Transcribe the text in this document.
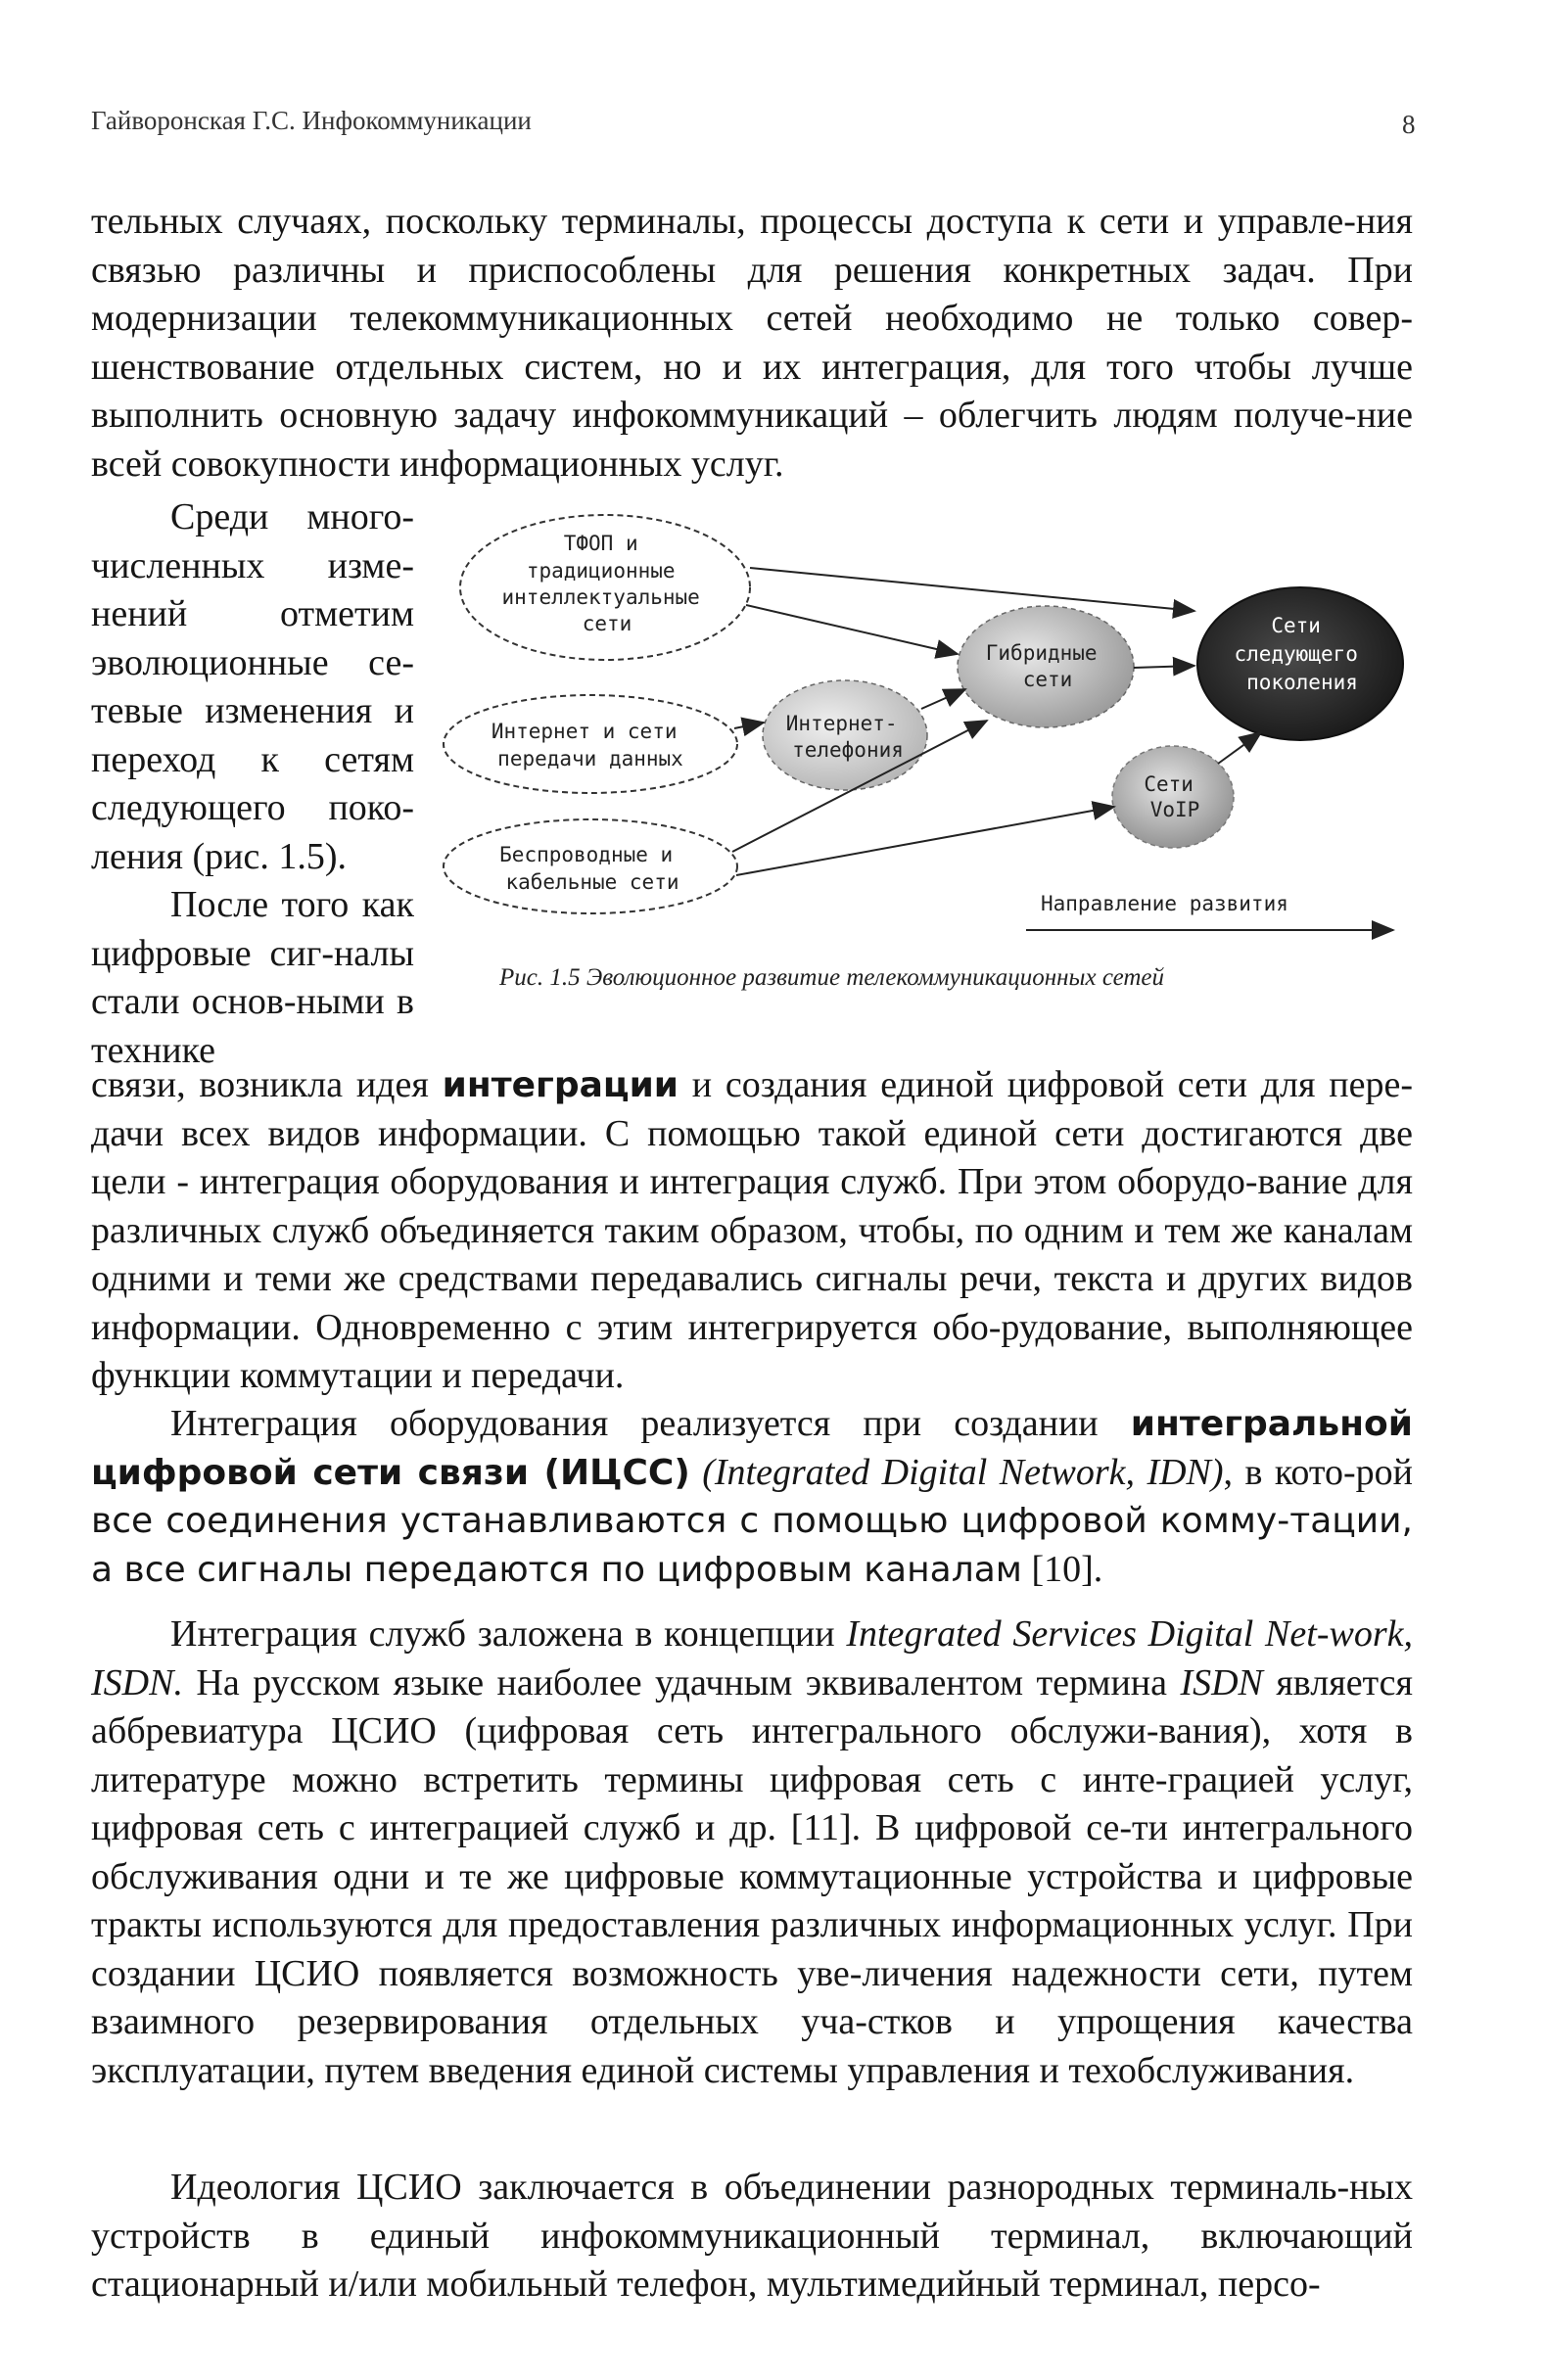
Гайворонская Г.С. Инфокоммуникации	8

тельных случаях, поскольку терминалы, процессы доступа к сети и управле-ния связью различны и приспособлены для решения конкретных задач. При модернизации телекоммуникационных сетей необходимо не только совер-шенствование отдельных систем, но и их интеграция, для того чтобы лучше выполнить основную задачу инфокоммуникаций – облегчить людям получе-ние всей совокупности информационных услуг.

Среди много-численных изме-нений отметим эволюционные се-тевые изменения и переход к сетям следующего поко-ления (рис. 1.5).

После того как цифровые сиг-налы стали основ-ными в технике

ТФОП и традиционные интеллектуальные сети
Интернет и сети передачи данных
Беспроводные и кабельные сети
Интернет- телефония
Гибридные сети
Сети VoIP
Сети следующего поколения
Направление развития
Рис. 1.5 Эволюционное развитие телекоммуникационных сетей

связи, возникла идея интеграции и создания единой цифровой сети для пере-дачи всех видов информации. С помощью такой единой сети достигаются две цели - интеграция оборудования и интеграция служб. При этом оборудо-вание для различных служб объединяется таким образом, чтобы, по одним и тем же каналам одними и теми же средствами передавались сигналы речи, текста и других видов информации. Одновременно с этим интегрируется обо-рудование, выполняющее функции коммутации и передачи.

Интеграция оборудования реализуется при создании интегральной цифровой сети связи (ИЦСС) (Integrated Digital Network, IDN), в кото-рой все соединения устанавливаются с помощью цифровой комму-тации, а все сигналы передаются по цифровым каналам [10].

Интеграция служб заложена в концепции Integrated Services Digital Net-work, ISDN. На русском языке наиболее удачным эквивалентом термина ISDN является аббревиатура ЦСИО (цифровая сеть интегрального обслужи-вания), хотя в литературе можно встретить термины цифровая сеть с инте-грацией услуг, цифровая сеть с интеграцией служб и др. [11]. В цифровой се-ти интегрального обслуживания одни и те же цифровые коммутационные устройства и цифровые тракты используются для предоставления различных информационных услуг. При создании ЦСИО появляется возможность уве-личения надежности сети, путем взаимного резервирования отдельных уча-стков и упрощения качества эксплуатации, путем введения единой системы управления и техобслуживания.

Идеология ЦСИО заключается в объединении разнородных терминаль-ных устройств в единый инфокоммуникационный терминал, включающий стационарный и/или мобильный телефон, мультимедийный терминал, персо-
